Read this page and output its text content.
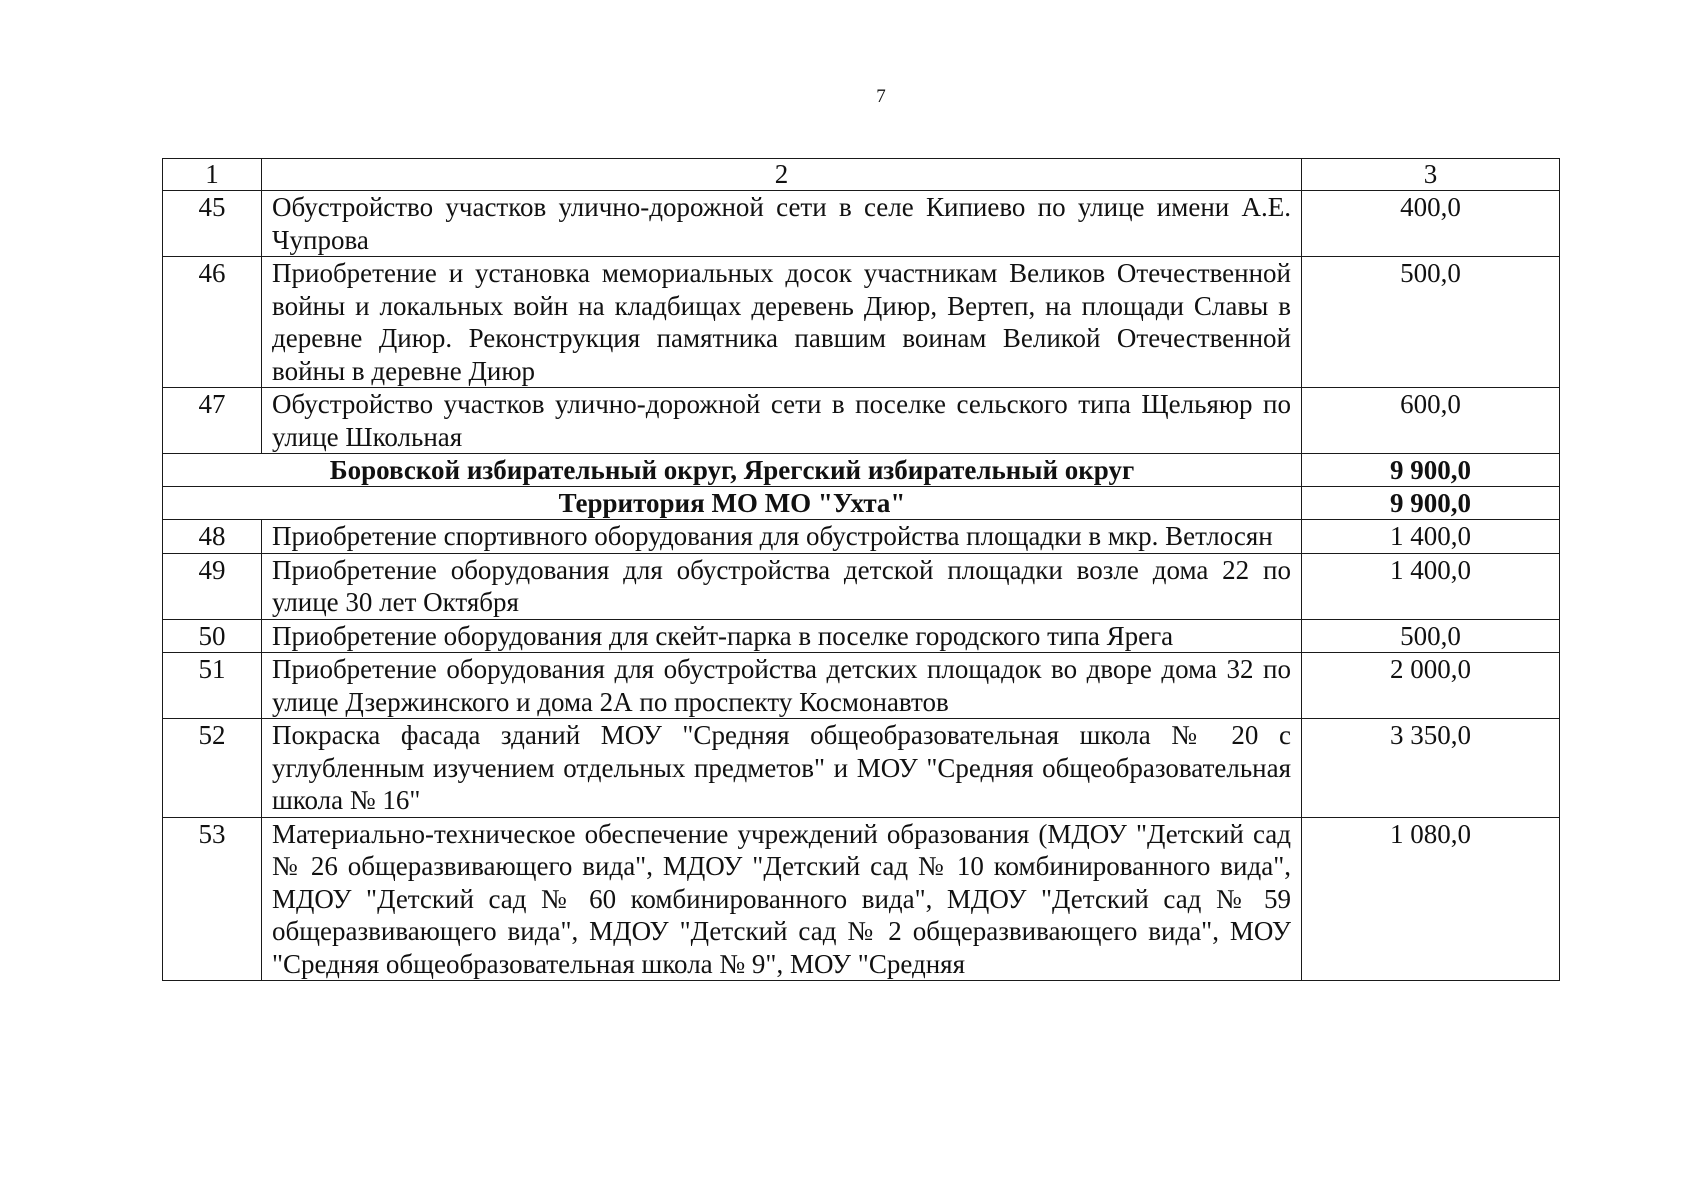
7
1	2	3
45	Обустройство участков улично-дорожной сети в селе Кипиево по улице имени А.Е. Чупрова	400,0
46	Приобретение и установка мемориальных досок участникам Великов Отечественной войны и локальных войн на кладбищах деревень Диюр, Вертеп, на площади Славы в деревне Диюр. Реконструкция памятника павшим воинам Великой Отечественной войны в деревне Диюр	500,0
47	Обустройство участков улично-дорожной сети в поселке сельского типа Щельяюр по улице Школьная	600,0
Боровской избирательный округ, Ярегский избирательный округ		9 900,0
Территория МО МО "Ухта"		9 900,0
48	Приобретение спортивного оборудования для обустройства площадки в мкр. Ветлосян	1 400,0
49	Приобретение оборудования для обустройства детской площадки возле дома 22 по улице 30 лет Октября	1 400,0
50	Приобретение оборудования для скейт-парка в поселке городского типа Ярега	500,0
51	Приобретение оборудования для обустройства детских площадок во дворе дома 32 по улице Дзержинского и дома 2А по проспекту Космонавтов	2 000,0
52	Покраска фасада зданий МОУ "Средняя общеобразовательная школа № 20 с углубленным изучением отдельных предметов" и МОУ "Средняя общеобразовательная школа № 16"	3 350,0
53	Материально-техническое обеспечение учреждений образования (МДОУ "Детский сад № 26 общеразвивающего вида", МДОУ "Детский сад № 10 комбинированного вида", МДОУ "Детский сад № 60 комбинированного вида", МДОУ "Детский сад № 59 общеразвивающего вида", МДОУ "Детский сад № 2 общеразвивающего вида", МОУ "Средняя общеобразовательная школа № 9", МОУ "Средняя	1 080,0
